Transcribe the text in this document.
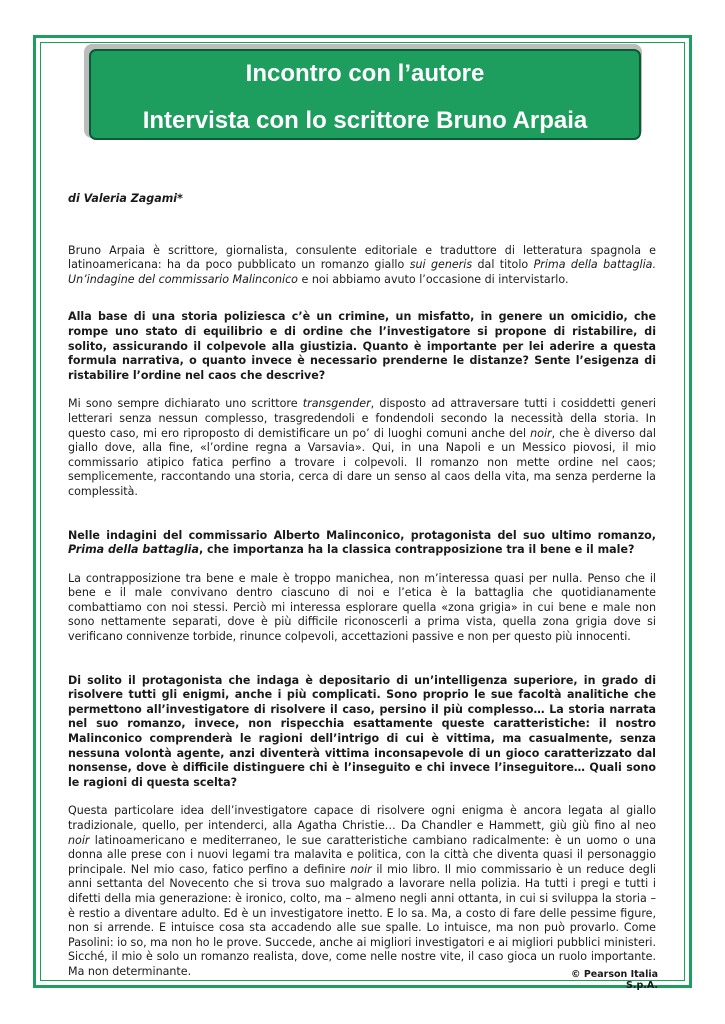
Incontro con l’autore
Intervista con lo scrittore Bruno Arpaia

di Valeria Zagami*

Bruno Arpaia è scrittore, giornalista, consulente editoriale e traduttore di letteratura spagnola e latinoamericana: ha da poco pubblicato un romanzo giallo sui generis dal titolo Prima della battaglia. Un’indagine del commissario Malinconico e noi abbiamo avuto l’occasione di intervistarlo.

Alla base di una storia poliziesca c’è un crimine, un misfatto, in genere un omicidio, che rompe uno stato di equilibrio e di ordine che l’investigatore si propone di ristabilire, di solito, assicurando il colpevole alla giustizia. Quanto è importante per lei aderire a questa formula narrativa, o quanto invece è necessario prenderne le distanze? Sente l’esigenza di ristabilire l’ordine nel caos che descrive?

Mi sono sempre dichiarato uno scrittore transgender, disposto ad attraversare tutti i cosiddetti generi letterari senza nessun complesso, trasgredendoli e fondendoli secondo la necessità della storia. In questo caso, mi ero riproposto di demistificare un po’ di luoghi comuni anche del noir, che è diverso dal giallo dove, alla fine, «l’ordine regna a Varsavia». Qui, in una Napoli e un Messico piovosi, il mio commissario atipico fatica perfino a trovare i colpevoli. Il romanzo non mette ordine nel caos; semplicemente, raccontando una storia, cerca di dare un senso al caos della vita, ma senza perderne la complessità.

Nelle indagini del commissario Alberto Malinconico, protagonista del suo ultimo romanzo, Prima della battaglia, che importanza ha la classica contrapposizione tra il bene e il male?

La contrapposizione tra bene e male è troppo manichea, non m’interessa quasi per nulla. Penso che il bene e il male convivano dentro ciascuno di noi e l’etica è la battaglia che quotidianamente combattiamo con noi stessi. Perciò mi interessa esplorare quella «zona grigia» in cui bene e male non sono nettamente separati, dove è più difficile riconoscerli a prima vista, quella zona grigia dove si verificano connivenze torbide, rinunce colpevoli, accettazioni passive e non per questo più innocenti.

Di solito il protagonista che indaga è depositario di un’intelligenza superiore, in grado di risolvere tutti gli enigmi, anche i più complicati. Sono proprio le sue facoltà analitiche che permettono all’investigatore di risolvere il caso, persino il più complesso… La storia narrata nel suo romanzo, invece, non rispecchia esattamente queste caratteristiche: il nostro Malinconico comprenderà le ragioni dell’intrigo di cui è vittima, ma casualmente, senza nessuna volontà agente, anzi diventerà vittima inconsapevole di un gioco caratterizzato dal nonsense, dove è difficile distinguere chi è l’inseguito e chi invece l’inseguitore… Quali sono le ragioni di questa scelta?

Questa particolare idea dell’investigatore capace di risolvere ogni enigma è ancora legata al giallo tradizionale, quello, per intenderci, alla Agatha Christie… Da Chandler e Hammett, giù giù fino al neo noir latinoamericano e mediterraneo, le sue caratteristiche cambiano radicalmente: è un uomo o una donna alle prese con i nuovi legami tra malavita e politica, con la città che diventa quasi il personaggio principale. Nel mio caso, fatico perfino a definire noir il mio libro. Il mio commissario è un reduce degli anni settanta del Novecento che si trova suo malgrado a lavorare nella polizia. Ha tutti i pregi e tutti i difetti della mia generazione: è ironico, colto, ma – almeno negli anni ottanta, in cui si sviluppa la storia – è restio a diventare adulto. Ed è un investigatore inetto. E lo sa. Ma, a costo di fare delle pessime figure, non si arrende. E intuisce cosa sta accadendo alle sue spalle. Lo intuisce, ma non può provarlo. Come Pasolini: io so, ma non ho le prove. Succede, anche ai migliori investigatori e ai migliori pubblici ministeri. Sicché, il mio è solo un romanzo realista, dove, come nelle nostre vite, il caso gioca un ruolo importante. Ma non determinante.	© Pearson Italia S.p.A.
